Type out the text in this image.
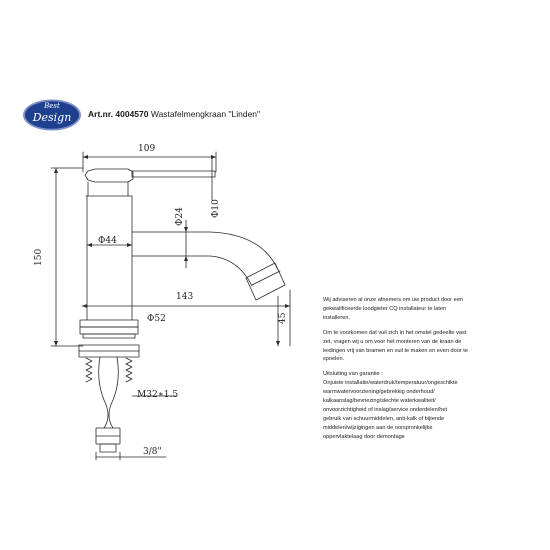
Best
Design	Art.nr. 4004570 Wastafelmengkraan "Linden"
109
Φ44
Φ24	Φ10
150
143
Φ52	45
M32∗1.5
3/8"
Wij adviseren al onze afnemers om uw product door een
gekwalificeerde loodgieter CQ installateur te laten
installeren.
Om te voorkomen dat vuil zich in het omstel gedeelte vast
zet, vragen wij u om voor het monteren van de kraan de
leidingen vrij van bramen en vuil te maken en even door te
spoelen.
Uitsluiting van garantie :
Onjuiste installatie/waterdruk/temperatuur/ongeschikte
warmwatervoorziening/gebrekkig onderhoud/
kalkaanslag/bevriezing/slechte waterkwaliteit/
onvoorzichtigheid of inslag/service onderdelen/het
gebruik van schuurmiddelen, anti-kalk of bijtende
middelen/wijzigingen aan de oorspronkelijke
oppervlaktelaag door demontage
